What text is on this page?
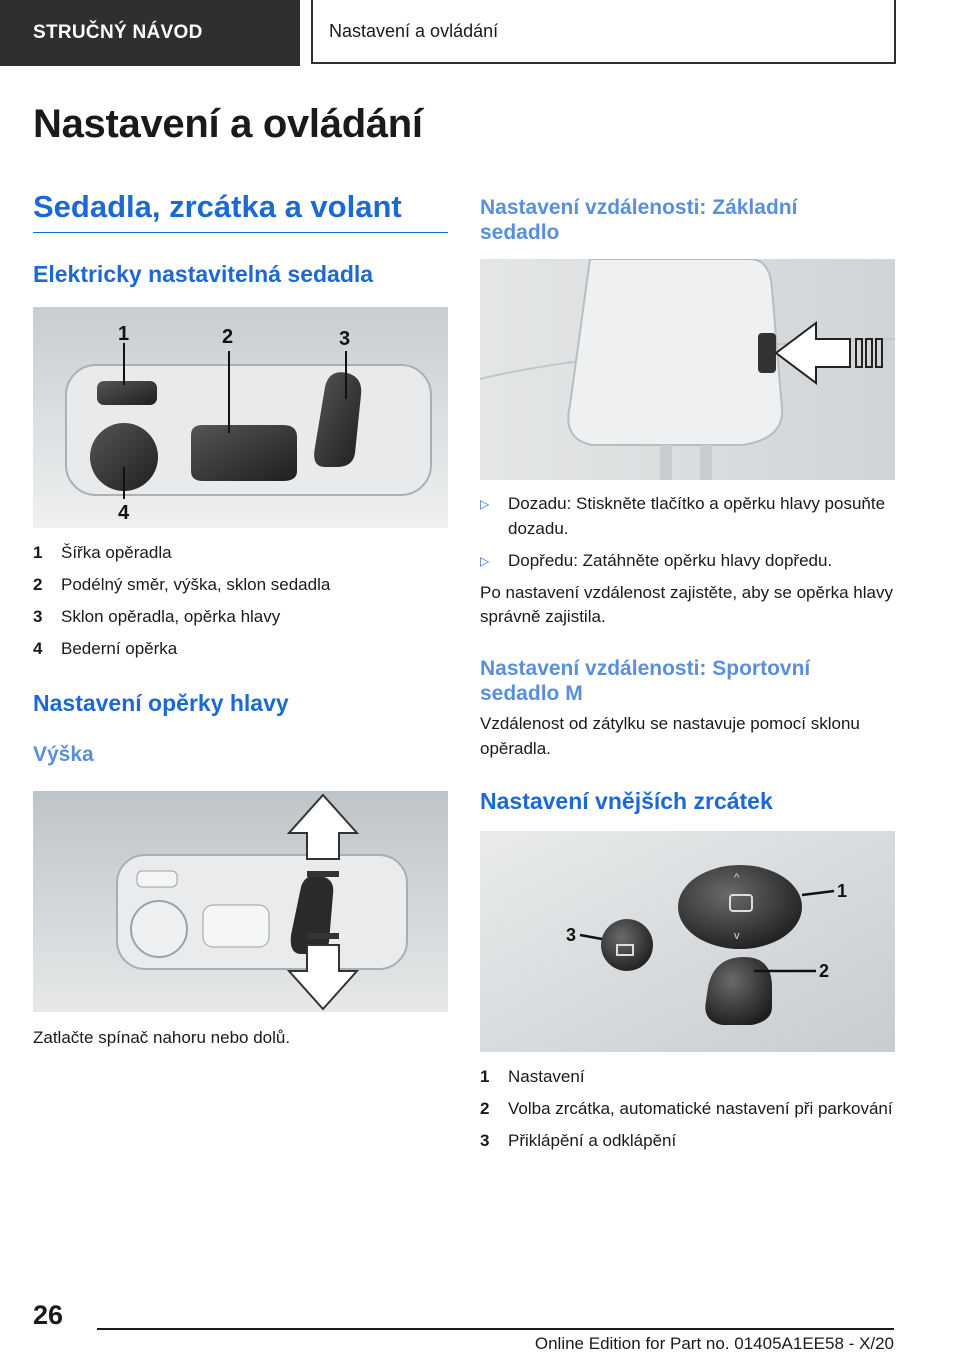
STRUČNÝ NÁVOD	Nastavení a ovládání
Nastavení a ovládání
Sedadla, zrcátka a volant
Elektricky nastavitelná sedadla
1	2	3
4
1	Šířka opěradla
2	Podélný směr, výška, sklon sedadla
3	Sklon opěradla, opěrka hlavy
4	Bederní opěrka
Nastavení opěrky hlavy
Výška

Zatlačte spínač nahoru nebo dolů.

Nastavení vzdálenosti: Základní sedadlo
▷	Dozadu: Stiskněte tlačítko a opěrku hlavy posuňte dozadu.
▷	Dopředu: Zatáhněte opěrku hlavy dopředu.

Po nastavení vzdálenost zajistěte, aby se opěrka hlavy správně zajistila.

Nastavení vzdálenosti: Sportovní sedadlo M

Vzdálenost od zátylku se nastavuje pomocí sklonu opěradla.

Nastavení vnějších zrcátek
^
v
1
2
3
1	Nastavení
2	Volba zrcátka, automatické nastavení při parkování
3	Přiklápění a odklápění
26
Online Edition for Part no. 01405A1EE58 - X/20
